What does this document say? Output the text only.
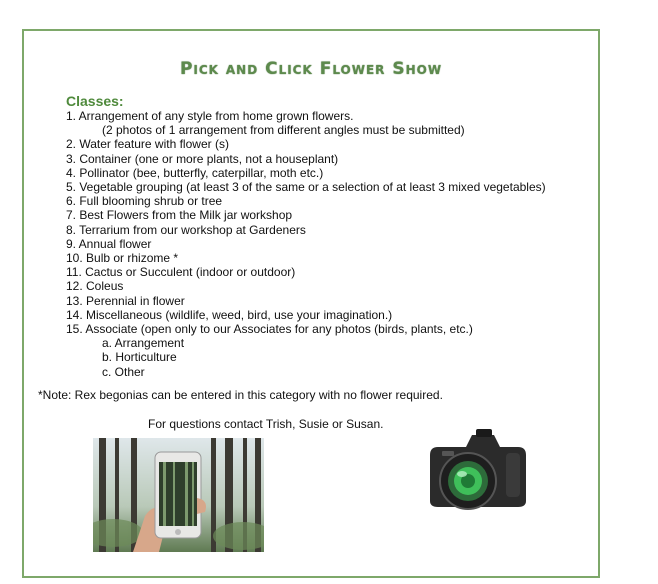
Pick and Click Flower Show
Classes:
1. Arrangement of any style from home grown flowers.
(2 photos of 1 arrangement from different angles must be submitted)
2. Water feature with flower (s)
3. Container (one or more plants, not a houseplant)
4. Pollinator (bee, butterfly, caterpillar, moth etc.)
5. Vegetable grouping (at least 3 of the same or a selection of at least 3 mixed vegetables)
6. Full blooming shrub or tree
7. Best Flowers from the Milk jar workshop
8. Terrarium from our workshop at Gardeners
9. Annual flower
10. Bulb or rhizome *
11. Cactus or Succulent (indoor or outdoor)
12. Coleus
13. Perennial in flower
14. Miscellaneous (wildlife, weed, bird, use your imagination.)
15. Associate (open only to our Associates for any photos (birds, plants, etc.)
a. Arrangement
b. Horticulture
c. Other
*Note: Rex begonias can be entered in this category with no flower required.
For questions contact Trish, Susie or Susan.
